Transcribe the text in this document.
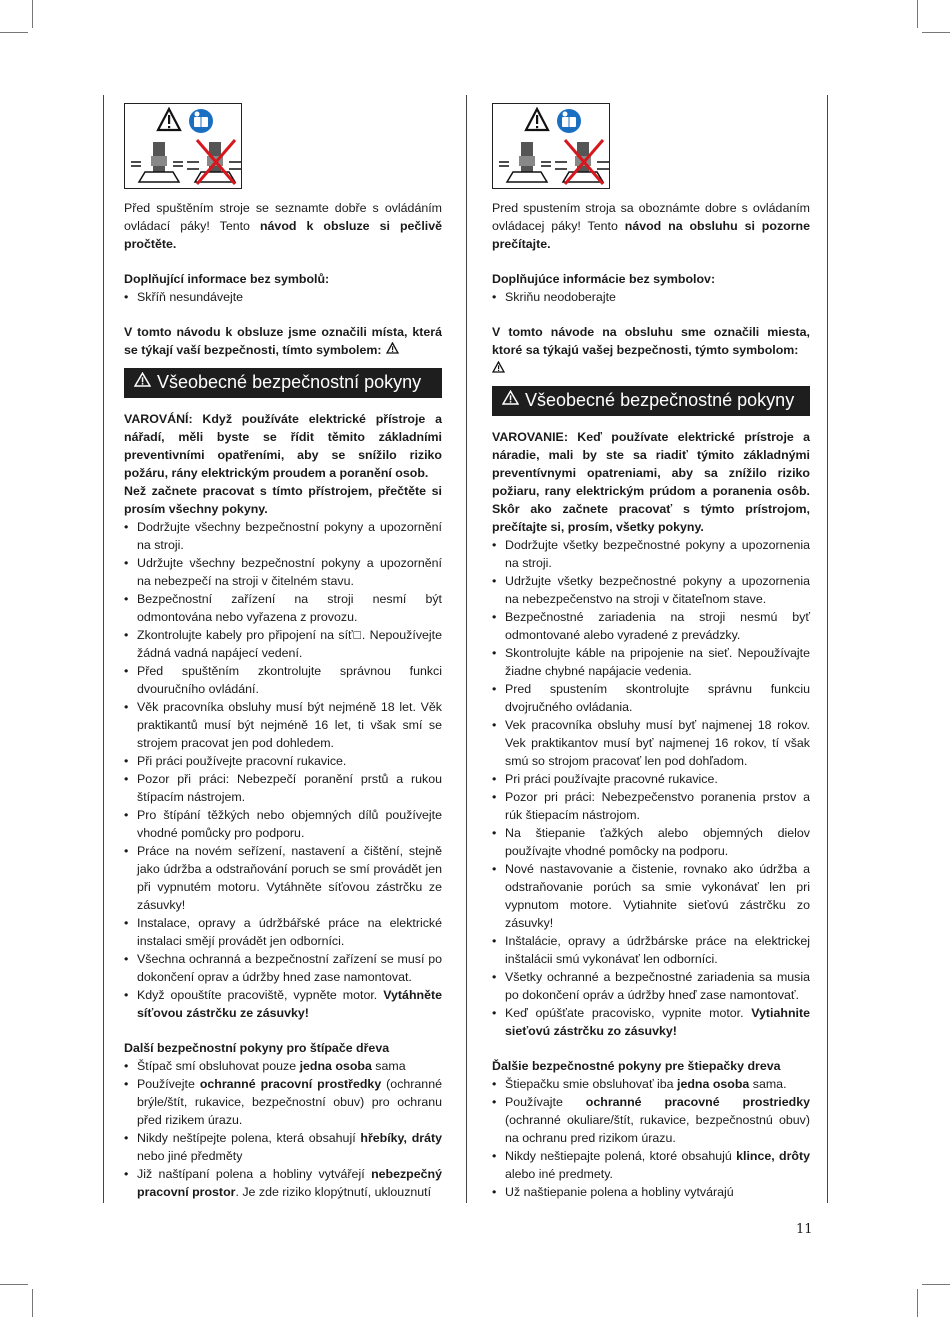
Před spuštěním stroje se seznamte dobře s ovládáním ovládací páky! Tento návod k obsluze si pečlivě pročtěte.

Doplňující informace bez symbolů:

• Skříň nesundávejte

V tomto návodu k obsluze jsme označili místa, která se týkají vaší bezpečnosti, tímto symbolem:

Všeobecné bezpečnostní pokyny

VAROVÁNÍ: Když používáte elektrické přístroje a nářadí, měli byste se řídit těmito základními preventivními opatřeními, aby se snížilo riziko požáru, rány elektrickým proudem a poranění osob.

Než začnete pracovat s tímto přístrojem, přečtěte si prosím všechny pokyny.

• Dodržujte všechny bezpečnostní pokyny a upozornění na stroji.
• Udržujte všechny bezpečnostní pokyny a upozornění na nebezpečí na stroji v čitelném stavu.
• Bezpečnostní zařízení na stroji nesmí být odmontována nebo vyřazena z provozu.
• Zkontrolujte kabely pro připojení na síť□. Nepoužívejte žádná vadná napájecí vedení.
• Před spuštěním zkontrolujte správnou funkci dvouručního ovládání.
• Věk pracovníka obsluhy musí být nejméně 18 let. Věk praktikantů musí být nejméně 16 let, ti však smí se strojem pracovat jen pod dohledem.
• Při práci používejte pracovní rukavice.
• Pozor při práci: Nebezpečí poranění prstů a rukou štípacím nástrojem.
• Pro štípání těžkých nebo objemných dílů používejte vhodné pomůcky pro podporu.
• Práce na novém seřízení, nastavení a čištění, stejně jako údržba a odstraňování poruch se smí provádět jen při vypnutém motoru. Vytáhněte síťovou zástrčku ze zásuvky!
• Instalace, opravy a údržbářské práce na elektrické instalaci smějí provádět jen odborníci.
• Všechna ochranná a bezpečnostní zařízení se musí po dokončení oprav a údržby hned zase namontovat.
• Když opouštíte pracoviště, vypněte motor. Vytáhněte síťovou zástrčku ze zásuvky!

Další bezpečnostní pokyny pro štípače dřeva

• Štípač smí obsluhovat pouze jedna osoba sama
• Používejte ochranné pracovní prostředky (ochranné brýle/štít, rukavice, bezpečnostní obuv) pro ochranu před rizikem úrazu.
• Nikdy neštípejte polena, která obsahují hřebíky, dráty nebo jiné předměty
• Již naštípaní polena a hobliny vytvářejí nebezpečný pracovní prostor. Je zde riziko klopýtnutí, uklouznutí

Pred spustením stroja sa oboznámte dobre s ovládaním ovládacej páky! Tento návod na obsluhu si pozorne prečítajte.

Doplňujúce informácie bez symbolov:

• Skriňu neodoberajte

V tomto návode na obsluhu sme označili miesta, ktoré sa týkajú vašej bezpečnosti, týmto symbolom:

Všeobecné bezpečnostné pokyny

VAROVANIE: Keď používate elektrické prístroje a náradie, mali by ste sa riadiť týmito základnými preventívnymi opatreniami, aby sa znížilo riziko požiaru, rany elektrickým prúdom a poranenia osôb. Skôr ako začnete pracovať s týmto prístrojom, prečítajte si, prosím, všetky pokyny.

• Dodržujte všetky bezpečnostné pokyny a upozornenia na stroji.
• Udržujte všetky bezpečnostné pokyny a upozornenia na nebezpečenstvo na stroji v čitateľnom stave.
• Bezpečnostné zariadenia na stroji nesmú byť odmontované alebo vyradené z prevádzky.
• Skontrolujte káble na pripojenie na sieť. Nepoužívajte žiadne chybné napájacie vedenia.
• Pred spustením skontrolujte správnu funkciu dvojručného ovládania.
• Vek pracovníka obsluhy musí byť najmenej 18 rokov. Vek praktikantov musí byť najmenej 16 rokov, tí však smú so strojom pracovať len pod dohľadom.
• Pri práci používajte pracovné rukavice.
• Pozor pri práci: Nebezpečenstvo poranenia prstov a rúk štiepacím nástrojom.
• Na štiepanie ťažkých alebo objemných dielov používajte vhodné pomôcky na podporu.
• Nové nastavovanie a čistenie, rovnako ako údržba a odstraňovanie porúch sa smie vykonávať len pri vypnutom motore. Vytiahnite sieťovú zástrčku zo zásuvky!
• Inštalácie, opravy a údržbárske práce na elektrickej inštalácii smú vykonávať len odborníci.
• Všetky ochranné a bezpečnostné zariadenia sa musia po dokončení opráv a údržby hneď zase namontovať.
• Keď opúšťate pracovisko, vypnite motor. Vytiahnite sieťovú zástrčku zo zásuvky!

Ďalšie bezpečnostné pokyny pre štiepačky dreva

• Štiepačku smie obsluhovať iba jedna osoba sama.
• Používajte ochranné pracovné prostriedky (ochranné okuliare/štít, rukavice, bezpečnostnú obuv) na ochranu pred rizikom úrazu.
• Nikdy neštiepajte polená, ktoré obsahujú klince, drôty alebo iné predmety.
• Už naštiepanie polena a hobliny vytvárajú
11
